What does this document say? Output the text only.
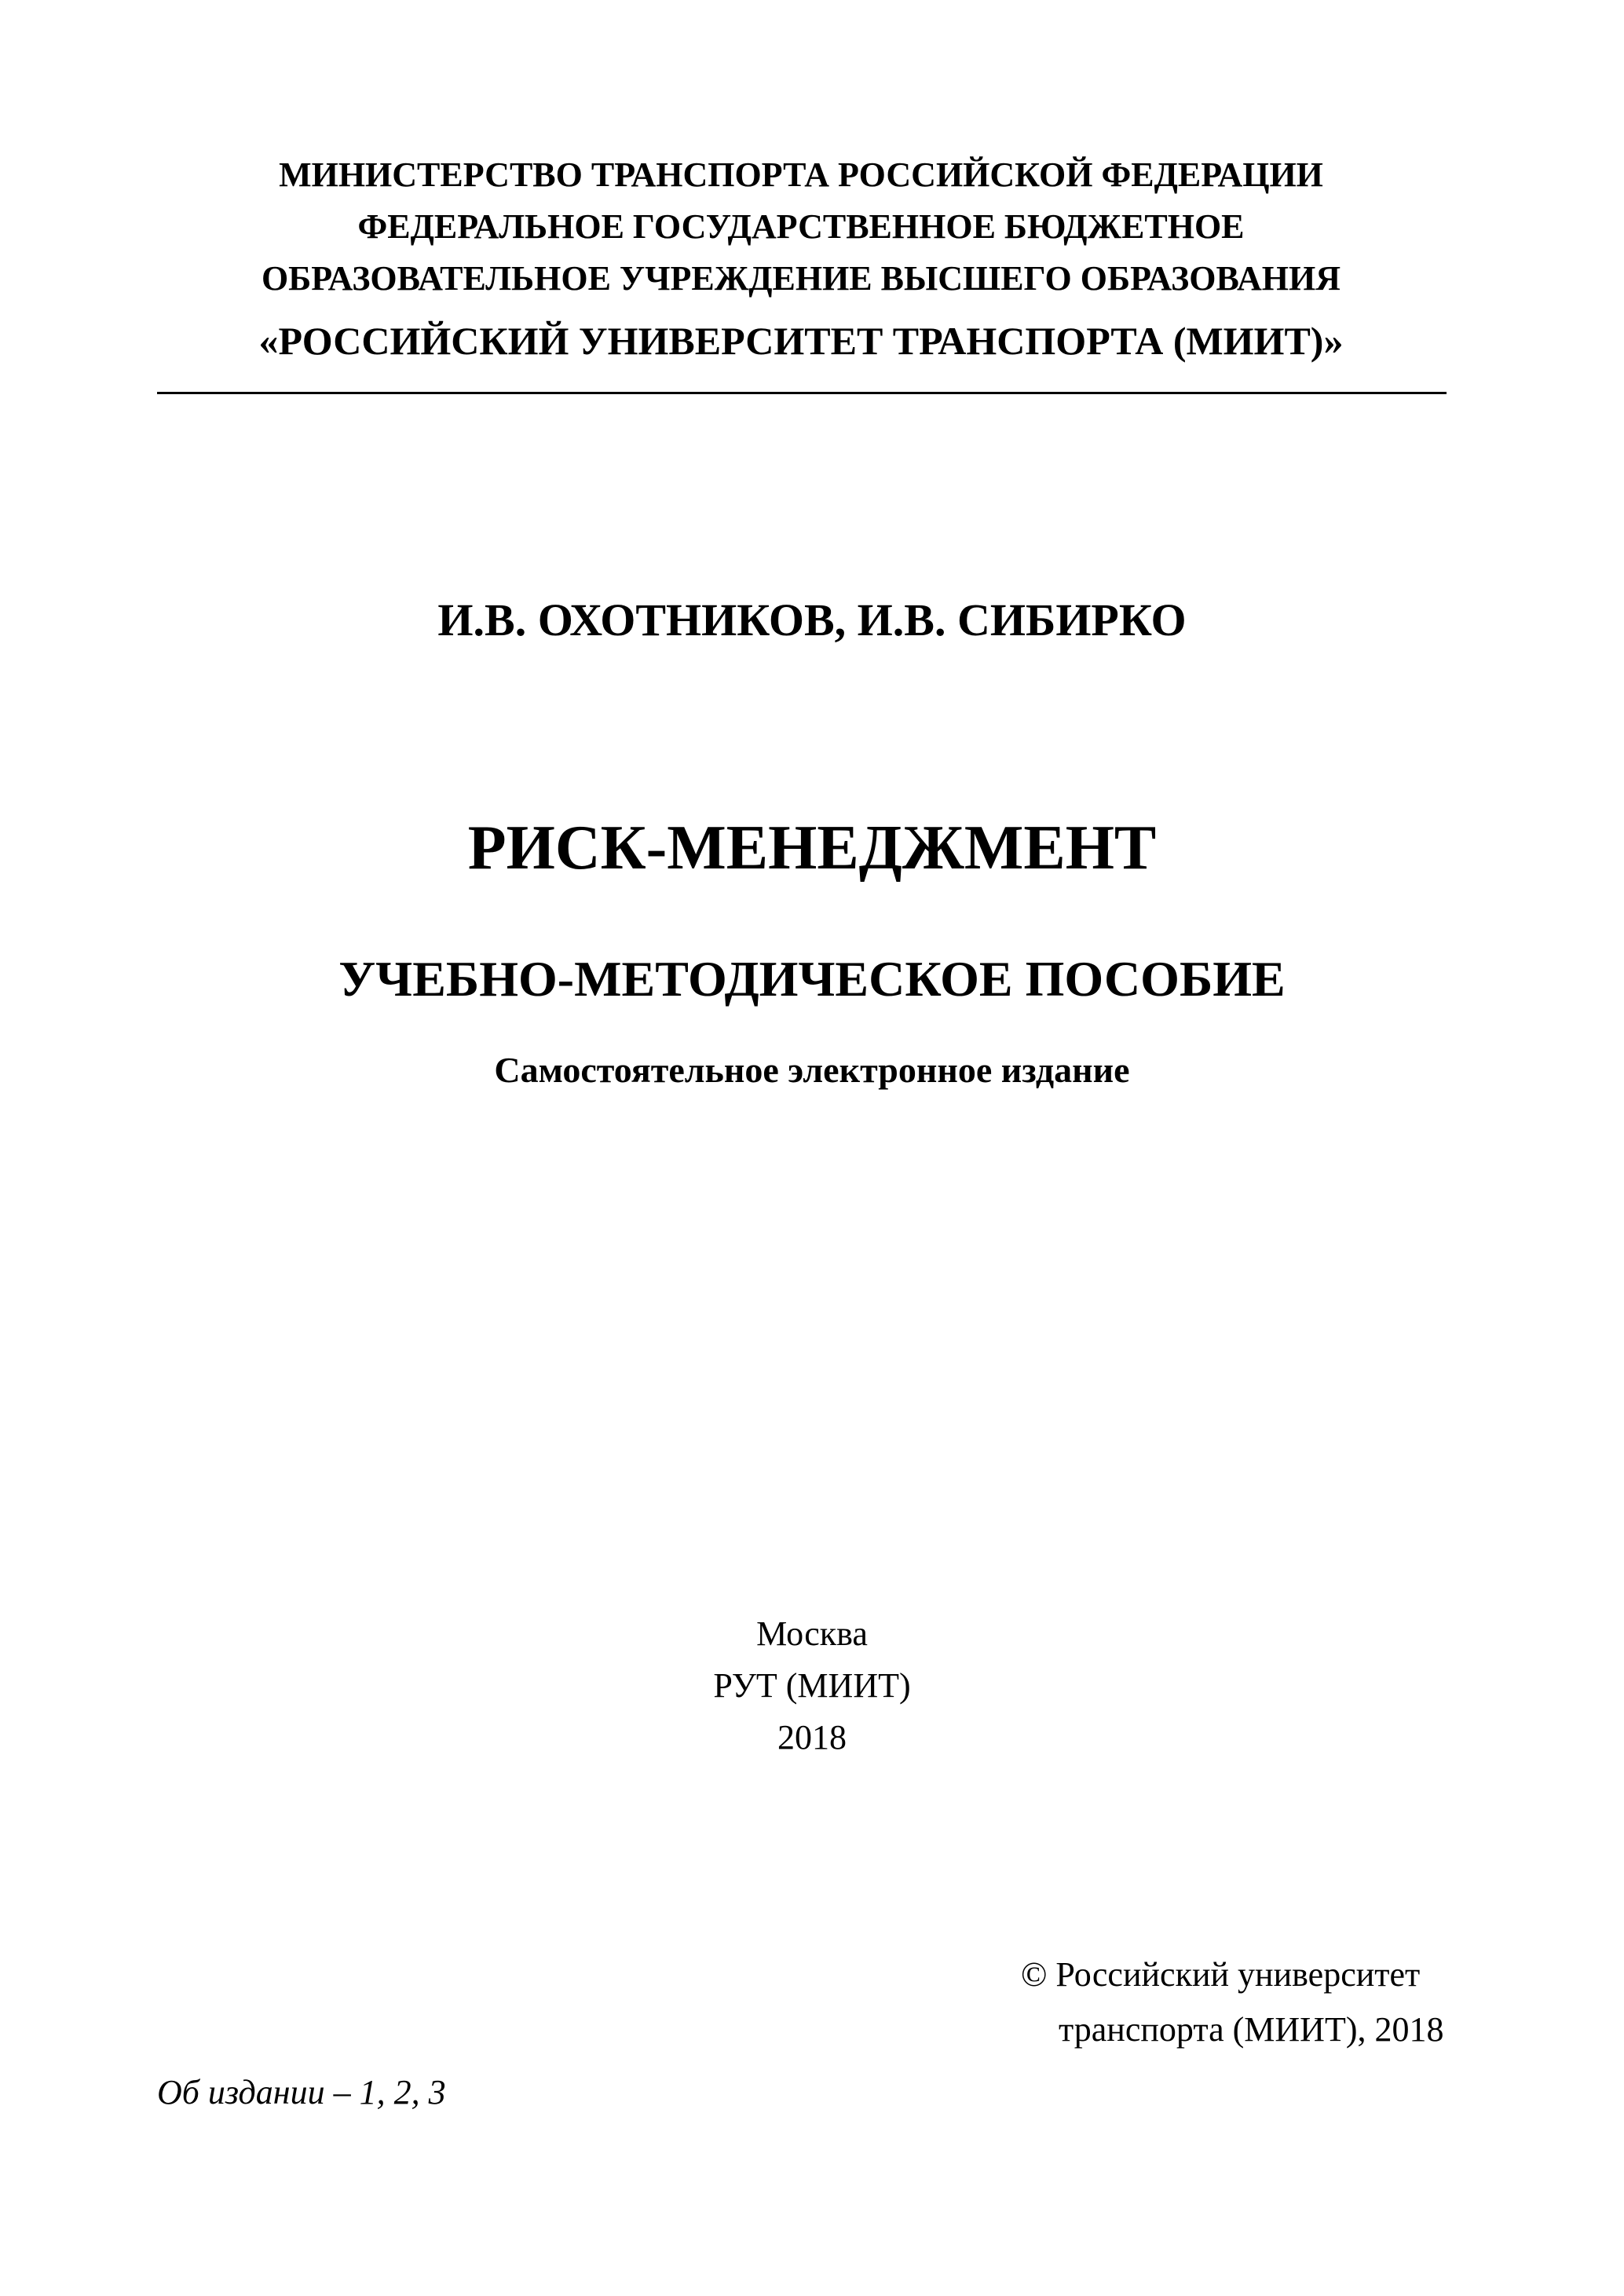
МИНИСТЕРСТВО ТРАНСПОРТА РОССИЙСКОЙ ФЕДЕРАЦИИ
ФЕДЕРАЛЬНОЕ ГОСУДАРСТВЕННОЕ БЮДЖЕТНОЕ
ОБРАЗОВАТЕЛЬНОЕ УЧРЕЖДЕНИЕ ВЫСШЕГО ОБРАЗОВАНИЯ
«РОССИЙСКИЙ УНИВЕРСИТЕТ ТРАНСПОРТА (МИИТ)»
И.В. ОХОТНИКОВ, И.В. СИБИРКО
РИСК-МЕНЕДЖМЕНТ
УЧЕБНО-МЕТОДИЧЕСКОЕ ПОСОБИЕ
Самостоятельное электронное издание
Москва
РУТ (МИИТ)
2018
© Российский университет
транспорта (МИИТ), 2018
Об издании – 1, 2, 3
